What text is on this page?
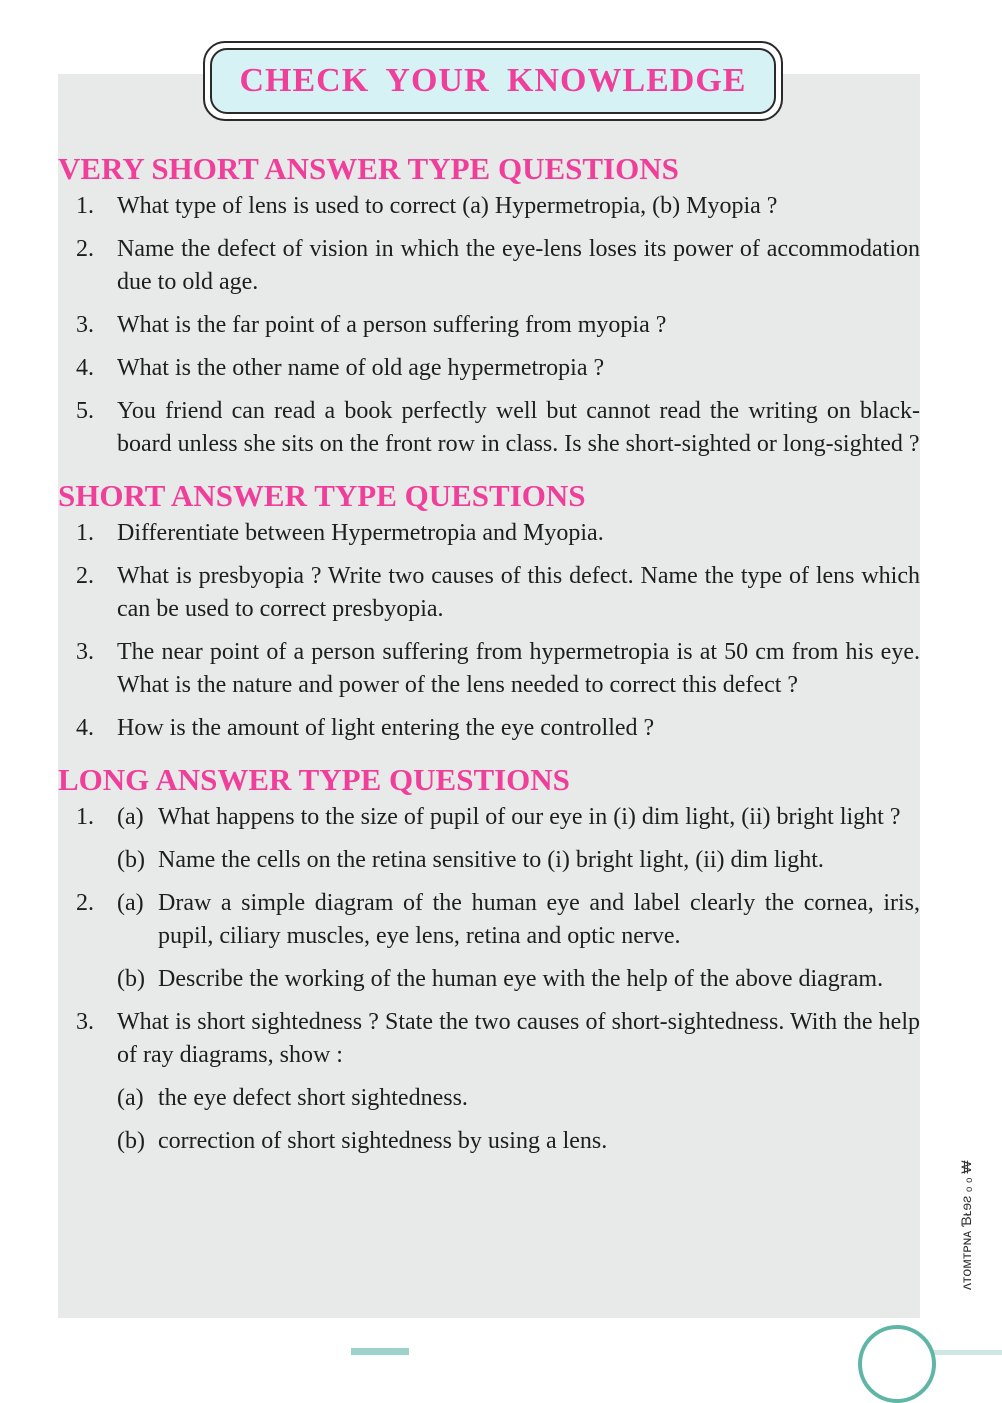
CHECK YOUR KNOWLEDGE
VERY SHORT ANSWER TYPE QUESTIONS
1. What type of lens is used to correct (a) Hypermetropia, (b) Myopia ?
2. Name the defect of vision in which the eye-lens loses its power of accommodation due to old age.
3. What is the far point of a person suffering from myopia ?
4. What is the other name of old age hypermetropia ?
5. You friend can read a book perfectly well but cannot read the writing on black-board unless she sits on the front row in class. Is she short-sighted or long-sighted ?
SHORT ANSWER TYPE QUESTIONS
1. Differentiate between Hypermetropia and Myopia.
2. What is presbyopia ? Write two causes of this defect. Name the type of lens which can be used to correct presbyopia.
3. The near point of a person suffering from hypermetropia is at 50 cm from his eye. What is the nature and power of the lens needed to correct this defect ?
4. How is the amount of light entering the eye controlled ?
LONG ANSWER TYPE QUESTIONS
1. (a) What happens to the size of pupil of our eye in (i) dim light, (ii) bright light ?
(b) Name the cells on the retina sensitive to (i) bright light, (ii) dim light.
2. (a) Draw a simple diagram of the human eye and label clearly the cornea, iris, pupil, ciliary muscles, eye lens, retina and optic nerve.
(b) Describe the working of the human eye with the help of the above diagram.
3. What is short sightedness ? State the two causes of short-sightedness. With the help of ray diagrams, show :
(a) the eye defect short sightedness.
(b) correction of short sightedness by using a lens.
ᴧᴛᴏᴍᴛᴘɴᴀ Ɓᴌɘƨ ₒ ₒ ₩
